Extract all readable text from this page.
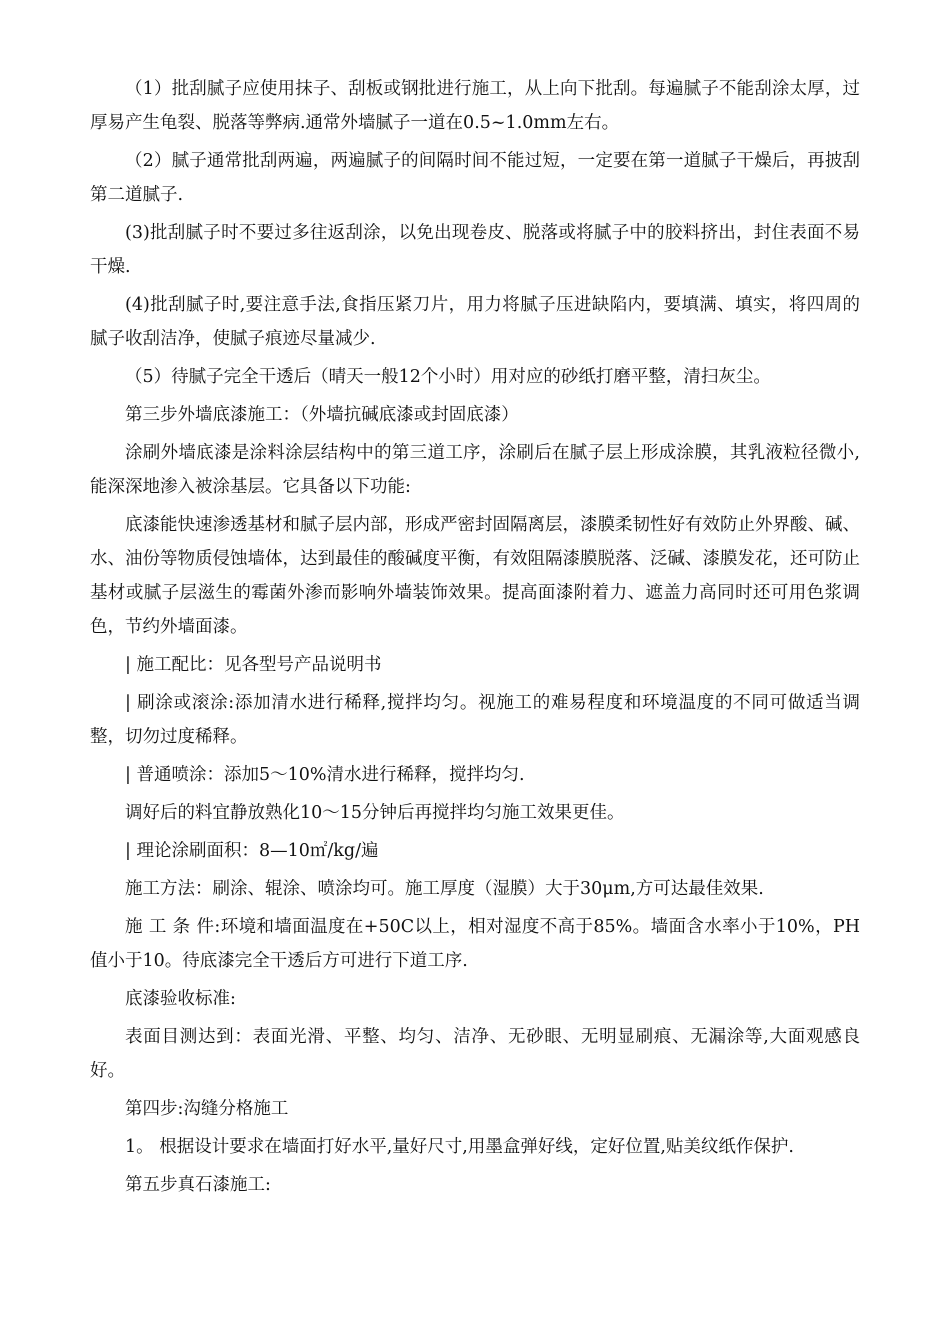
（1）批刮腻子应使用抹子、刮板或钢批进行施工，从上向下批刮。每遍腻子不能刮涂太厚，过厚易产生龟裂、脱落等弊病.通常外墙腻子一道在0.5~1.0mm左右。

（2）腻子通常批刮两遍，两遍腻子的间隔时间不能过短，一定要在第一道腻子干燥后，再披刮第二道腻子.

(3)批刮腻子时不要过多往返刮涂，以免出现卷皮、脱落或将腻子中的胶料挤出，封住表面不易干燥.

(4)批刮腻子时,要注意手法,食指压紧刀片，用力将腻子压进缺陷内，要填满、填实，将四周的腻子收刮洁净，使腻子痕迹尽量减少.

（5）待腻子完全干透后（晴天一般12个小时）用对应的砂纸打磨平整，清扫灰尘。

第三步外墙底漆施工：（外墙抗碱底漆或封固底漆）

涂刷外墙底漆是涂料涂层结构中的第三道工序，涂刷后在腻子层上形成涂膜，其乳液粒径微小,能深深地渗入被涂基层。它具备以下功能:

底漆能快速渗透基材和腻子层内部，形成严密封固隔离层，漆膜柔韧性好有效防止外界酸、碱、水、油份等物质侵蚀墙体，达到最佳的酸碱度平衡，有效阻隔漆膜脱落、泛碱、漆膜发花，还可防止基材或腻子层滋生的霉菌外渗而影响外墙装饰效果。提高面漆附着力、遮盖力高同时还可用色浆调色，节约外墙面漆。

| 施工配比：见各型号产品说明书

| 刷涂或滚涂:添加清水进行稀释,搅拌均匀。视施工的难易程度和环境温度的不同可做适当调整，切勿过度稀释。

| 普通喷涂：添加5～10%清水进行稀释，搅拌均匀.

调好后的料宜静放熟化10～15分钟后再搅拌均匀施工效果更佳。

| 理论涂刷面积：8—10㎡/kg/遍

施工方法：刷涂、辊涂、喷涂均可。施工厚度（湿膜）大于30μm,方可达最佳效果.

施 工 条 件:环境和墙面温度在+50C以上，相对湿度不高于85%。墙面含水率小于10%，PH值小于10。待底漆完全干透后方可进行下道工序.

底漆验收标准:

表面目测达到：表面光滑、平整、均匀、洁净、无砂眼、无明显刷痕、无漏涂等,大面观感良好。

第四步:沟缝分格施工

1。 根据设计要求在墙面打好水平,量好尺寸,用墨盒弹好线，定好位置,贴美纹纸作保护.

第五步真石漆施工:
